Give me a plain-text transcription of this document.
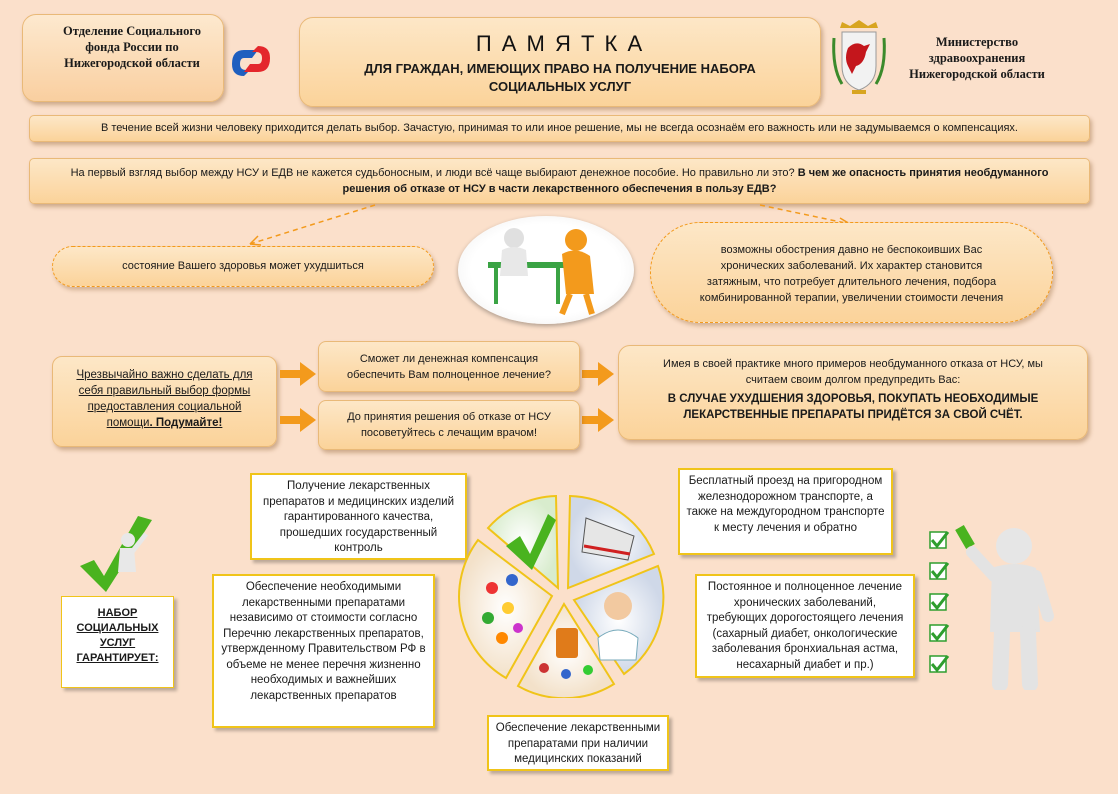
Отделение Социального фонда России по Нижегородской области
П А М Я Т К А
ДЛЯ ГРАЖДАН, ИМЕЮЩИХ ПРАВО НА ПОЛУЧЕНИЕ НАБОРА
СОЦИАЛЬНЫХ УСЛУГ
Министерство здравоохранения Нижегородской области
В течение всей жизни человеку приходится делать выбор. Зачастую, принимая то или иное решение, мы не всегда осознаём его важность или не задумываемся о компенсациях.
На первый взгляд выбор между НСУ и ЕДВ не кажется судьбоносным, и люди всё чаще выбирают денежное пособие. Но правильно ли это? В чем же опасность принятия необдуманного решения об отказе от НСУ в части лекарственного обеспечения в пользу ЕДВ?
состояние Вашего здоровья может ухудшиться
возможны обострения давно не беспокоивших Вас хронических заболеваний. Их характер становится затяжным, что потребует длительного лечения, подбора комбинированной терапии, увеличении стоимости лечения
Чрезвычайно важно сделать для себя правильный выбор формы предоставления социальной помощи. Подумайте!
Сможет ли денежная компенсация обеспечить Вам полноценное лечение?
До принятия решения об отказе от НСУ посоветуйтесь с лечащим врачом!
Имея в своей практике много примеров необдуманного отказа от НСУ, мы считаем своим долгом предупредить Вас:
В СЛУЧАЕ УХУДШЕНИЯ ЗДОРОВЬЯ, ПОКУПАТЬ НЕОБХОДИМЫЕ ЛЕКАРСТВЕННЫЕ ПРЕПАРАТЫ ПРИДЁТСЯ ЗА СВОЙ СЧЁТ.
НАБОР СОЦИАЛЬНЫХ УСЛУГ ГАРАНТИРУЕТ:
Получение лекарственных препаратов и медицинских изделий гарантированного качества, прошедших государственный контроль
Обеспечение необходимыми лекарственными препаратами независимо от стоимости согласно Перечню лекарственных препаратов, утвержденному Правительством РФ в объеме не менее перечня жизненно необходимых и важнейших лекарственных препаратов
Обеспечение лекарственными препаратами при наличии медицинских показаний
Постоянное и полноценное лечение хронических заболеваний, требующих дорогостоящего лечения (сахарный диабет, онкологические заболевания бронхиальная астма, несахарный диабет и пр.)
Бесплатный проезд на пригородном железнодорожном транспорте, а также на междугородном транспорте к месту лечения и обратно
